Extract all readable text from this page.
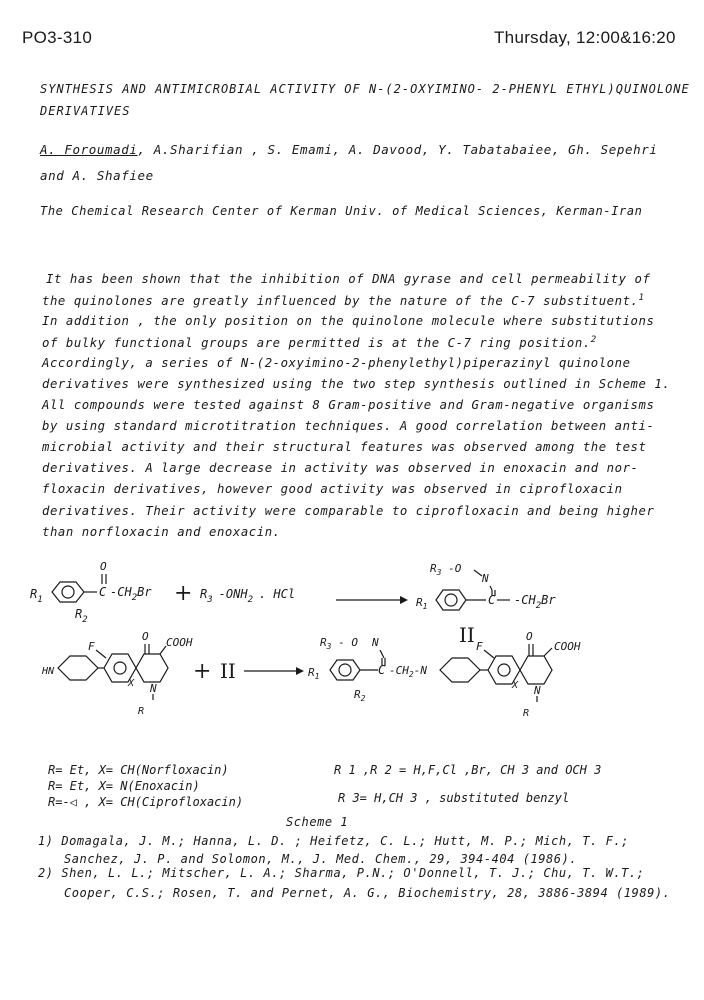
PO3-310	Thursday, 12:00&16:20
SYNTHESIS AND ANTIMICROBIAL ACTIVITY OF N-(2-OXYIMINO- 2-PHENYL ETHYL)QUINOLONE
DERIVATIVES
A. Foroumadi, A.Sharifian , S. Emami, A. Davood, Y. Tabatabaiee, Gh. Sepehri
and A. Shafiee
The Chemical Research Center of Kerman Univ. of Medical Sciences, Kerman-Iran
It has been shown that the inhibition of DNA gyrase and cell permeability of
the quinolones are greatly influenced by the nature of the C-7 substituent.$^1$
In addition , the only position on the quinolone molecule where substitutions
of bulky functional groups are permitted is at the C-7 ring position.$^2$
Accordingly, a series of N-(2-oxyimino-2-phenylethyl)piperazinyl quinolone
derivatives were synthesized using the two step synthesis outlined in Scheme 1.
All compounds were tested against 8 Gram-positive and Gram-negative organisms
by using standard microtitration techniques. A good correlation between anti-
microbial activity and their structural features was observed among the test
derivatives. A large decrease in activity was observed in enoxacin and nor-
floxacin derivatives, however good activity was observed in ciprofloxacin
derivatives. Their activity were comparable to ciprofloxacin and being higher
than norfloxacin and enoxacin.
$R_1$
$R_2$
O
C $-CH_2Br + R_3$ $-ONH_2$ . HCl
$R_3$ -O
N
$R_1$	C $-CH_2Br$
II
HN
F
O COOH
X N
R
+ II
$R_3$ - O N
$R_1$	C $-CH_2-N$
$R_2$
F
O
COOH
X N
R
R= Et, X= CH(Norfloxacin)
R= Et, X= N(Enoxacin)
R=-◁ , X= CH(Ciprofloxacin)
R 1 ,R 2 = H,F,Cl ,Br, CH 3 and OCH 3
R 3= H,CH 3 , substituted benzyl
Scheme 1
1) Domagala, J. M.; Hanna, L. D. ; Heifetz, C. L.; Hutt, M. P.; Mich, T. F.;
Sanchez, J. P. and Solomon, M., J. Med. Chem., 29, 394-404 (1986).
2) Shen, L. L.; Mitscher, L. A.; Sharma, P.N.; O'Donnell, T. J.; Chu, T. W.T.;
Cooper, C.S.; Rosen, T. and Pernet, A. G., Biochemistry, 28, 3886-3894 (1989).
